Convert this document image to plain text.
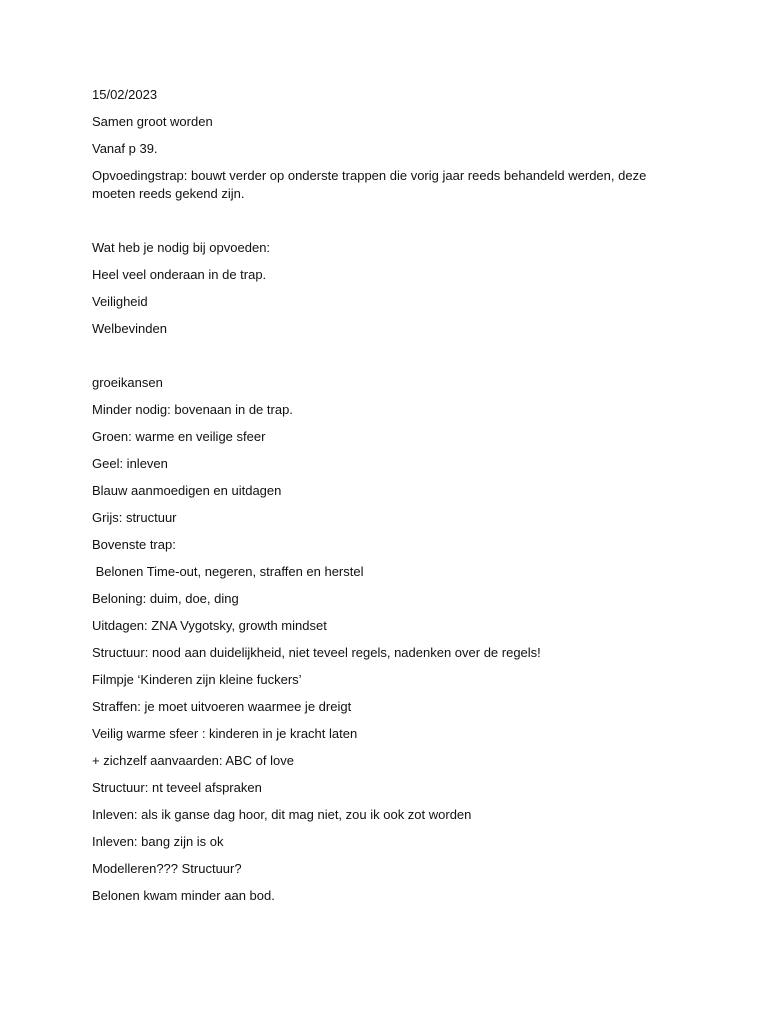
15/02/2023

Samen groot worden

Vanaf p 39.

Opvoedingstrap: bouwt verder op onderste trappen die vorig jaar reeds behandeld werden, deze moeten reeds gekend zijn.

Wat heb je nodig bij opvoeden:

Heel veel onderaan in de trap.

Veiligheid

Welbevinden

groeikansen

Minder nodig: bovenaan in de trap.

Groen: warme en veilige sfeer

Geel: inleven

Blauw aanmoedigen en uitdagen

Grijs: structuur

Bovenste trap:

Belonen Time-out, negeren, straffen en herstel

Beloning: duim, doe, ding

Uitdagen: ZNA Vygotsky, growth mindset

Structuur: nood aan duidelijkheid, niet teveel regels, nadenken over de regels!

Filmpje ‘Kinderen zijn kleine fuckers’

Straffen: je moet uitvoeren waarmee je dreigt

Veilig warme sfeer : kinderen in je kracht laten

+ zichzelf aanvaarden: ABC of love

Structuur: nt teveel afspraken

Inleven: als ik ganse dag hoor, dit mag niet, zou ik ook zot worden

Inleven: bang zijn is ok

Modelleren??? Structuur?

Belonen kwam minder aan bod.
